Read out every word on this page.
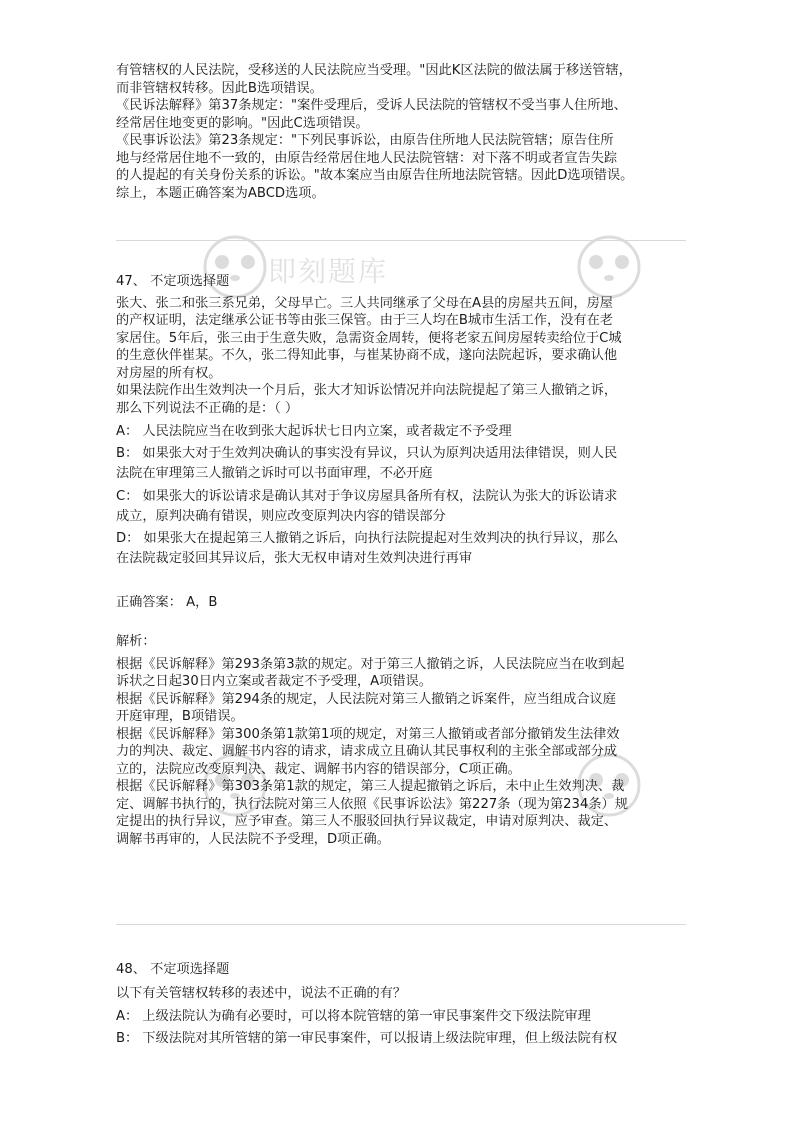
即刻题库
有管辖权的人民法院，受移送的人民法院应当受理。"因此K区法院的做法属于移送管辖，
而非管辖权转移。因此B选项错误。
《民诉法解释》第37条规定："案件受理后，受诉人民法院的管辖权不受当事人住所地、
经常居住地变更的影响。"因此C选项错误。
《民事诉讼法》第23条规定："下列民事诉讼，由原告住所地人民法院管辖；原告住所
地与经常居住地不一致的，由原告经常居住地人民法院管辖：对下落不明或者宣告失踪
的人提起的有关身份关系的诉讼。"故本案应当由原告住所地法院管辖。因此D选项错误。
综上，本题正确答案为ABCD选项。
47、 不定项选择题
张大、张二和张三系兄弟，父母早亡。三人共同继承了父母在A县的房屋共五间，房屋
的产权证明，法定继承公证书等由张三保管。由于三人均在B城市生活工作，没有在老
家居住。5年后，张三由于生意失败，急需资金周转，便将老家五间房屋转卖给位于C城
的生意伙伴崔某。不久，张二得知此事，与崔某协商不成，遂向法院起诉，要求确认他
对房屋的所有权。
如果法院作出生效判决一个月后，张大才知诉讼情况并向法院提起了第三人撤销之诉，
那么下列说法不正确的是：（ ）
A： 人民法院应当在收到张大起诉状七日内立案，或者裁定不予受理
B： 如果张大对于生效判决确认的事实没有异议，只认为原判决适用法律错误，则人民
法院在审理第三人撤销之诉时可以书面审理，不必开庭
C： 如果张大的诉讼请求是确认其对于争议房屋具备所有权，法院认为张大的诉讼请求
成立，原判决确有错误，则应改变原判决内容的错误部分
D： 如果张大在提起第三人撤销之诉后，向执行法院提起对生效判决的执行异议，那么
在法院裁定驳回其异议后，张大无权申请对生效判决进行再审
正确答案： A，B
解析：
根据《民诉解释》第293条第3款的规定。对于第三人撤销之诉，人民法院应当在收到起
诉状之日起30日内立案或者裁定不予受理，A项错误。
根据《民诉解释》第294条的规定，人民法院对第三人撤销之诉案件，应当组成合议庭
开庭审理，B项错误。
根据《民诉解释》第300条第1款第1项的规定，对第三人撤销或者部分撤销发生法律效
力的判决、裁定、调解书内容的请求，请求成立且确认其民事权利的主张全部或部分成
立的，法院应改变原判决、裁定、调解书内容的错误部分，C项正确。
根据《民诉解释》第303条第1款的规定，第三人提起撤销之诉后，未中止生效判决、裁
定、调解书执行的，执行法院对第三人依照《民事诉讼法》第227条（现为第234条）规
定提出的执行异议，应予审查。第三人不服驳回执行异议裁定，申请对原判决、裁定、
调解书再审的，人民法院不予受理，D项正确。
48、 不定项选择题
以下有关管辖权转移的表述中，说法不正确的有？
A： 上级法院认为确有必要时，可以将本院管辖的第一审民事案件交下级法院审理
B： 下级法院对其所管辖的第一审民事案件，可以报请上级法院审理，但上级法院有权
